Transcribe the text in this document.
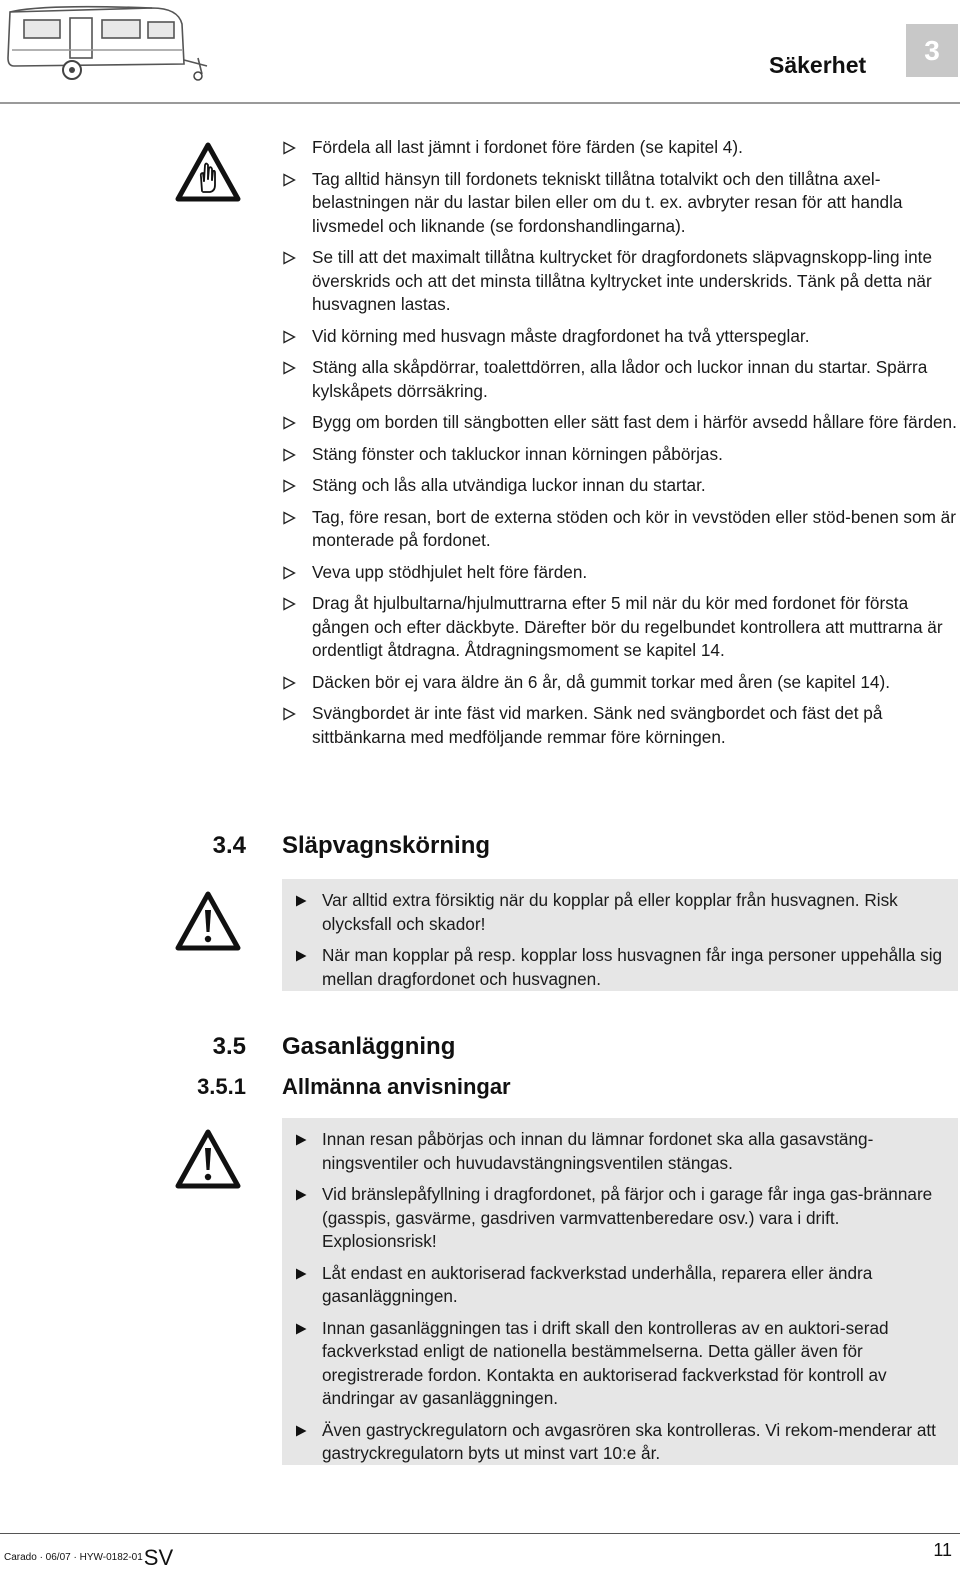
Säkerhet	3
Fördela all last jämnt i fordonet före färden (se kapitel 4).
Tag alltid hänsyn till fordonets tekniskt tillåtna totalvikt och den tillåtna axel-belastningen när du lastar bilen eller om du t. ex. avbryter resan för att handla livsmedel och liknande (se fordonshandlingarna).
Se till att det maximalt tillåtna kultrycket för dragfordonets släpvagnskopp-ling inte överskrids och att det minsta tillåtna kyltrycket inte underskrids. Tänk på detta när husvagnen lastas.
Vid körning med husvagn måste dragfordonet ha två ytterspeglar.
Stäng alla skåpdörrar, toalettdörren, alla lådor och luckor innan du startar. Spärra kylskåpets dörrsäkring.
Bygg om borden till sängbotten eller sätt fast dem i härför avsedd hållare före färden.
Stäng fönster och takluckor innan körningen påbörjas.
Stäng och lås alla utvändiga luckor innan du startar.
Tag, före resan, bort de externa stöden och kör in vevstöden eller stöd-benen som är monterade på fordonet.
Veva upp stödhjulet helt före färden.
Drag åt hjulbultarna/hjulmuttrarna efter 5 mil när du kör med fordonet för första gången och efter däckbyte. Därefter bör du regelbundet kontrollera att muttrarna är ordentligt åtdragna. Åtdragningsmoment se kapitel 14.
Däcken bör ej vara äldre än 6 år, då gummit torkar med åren (se kapitel 14).
Svängbordet är inte fäst vid marken. Sänk ned svängbordet och fäst det på sittbänkarna med medföljande remmar före körningen.
3.4 Släpvagnskörning
Var alltid extra försiktig när du kopplar på eller kopplar från husvagnen. Risk olycksfall och skador!
När man kopplar på resp. kopplar loss husvagnen får inga personer uppehålla sig mellan dragfordonet och husvagnen.
3.5 Gasanläggning
3.5.1 Allmänna anvisningar
Innan resan påbörjas och innan du lämnar fordonet ska alla gasavstäng-ningsventiler och huvudavstängningsventilen stängas.
Vid bränslepåfyllning i dragfordonet, på färjor och i garage får inga gas-brännare (gasspis, gasvärme, gasdriven varmvattenberedare osv.) vara i drift. Explosionsrisk!
Låt endast en auktoriserad fackverkstad underhålla, reparera eller ändra gasanläggningen.
Innan gasanläggningen tas i drift skall den kontrolleras av en auktori-serad fackverkstad enligt de nationella bestämmelserna. Detta gäller även för oregistrerade fordon. Kontakta en auktoriserad fackverkstad för kontroll av ändringar av gasanläggningen.
Även gastryckregulatorn och avgasrören ska kontrolleras. Vi rekom-menderar att gastryckregulatorn byts ut minst vart 10:e år.
Carado · 06/07 · HYW-0182-01SV	11
